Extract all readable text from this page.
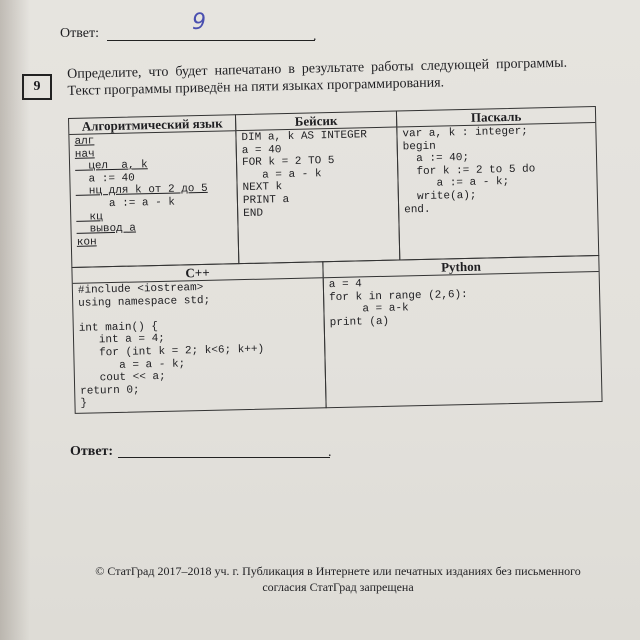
Ответ:	9
.
9
Определите, что будет напечатано в результате работы следующей программы. Текст программы приведён на пяти языках программирования.
Алгоритмический язык
алг
нач
цел  a, k
a := 40
нц для k от 2 до 5
a := a - k
кц
вывод a
кон
Бейсик
DIM a, k AS INTEGER
a = 40
FOR k = 2 TO 5
a = a - k
NEXT k
PRINT a
END
Паскаль
var a, k : integer;
begin
a := 40;
for k := 2 to 5 do
a := a - k;
write(a);
end.
C++
#include <iostream>
using namespace std;

int main() {
int a = 4;
for (int k = 2; k<6; k++)
a = a - k;
cout << a;
return 0;
}
Python
a = 4
for k in range (2,6):
a = a-k
print (a)
Ответ:	.
© СтатГрад 2017–2018 уч. г. Публикация в Интернете или печатных изданиях без письменного
согласия СтатГрад запрещена
